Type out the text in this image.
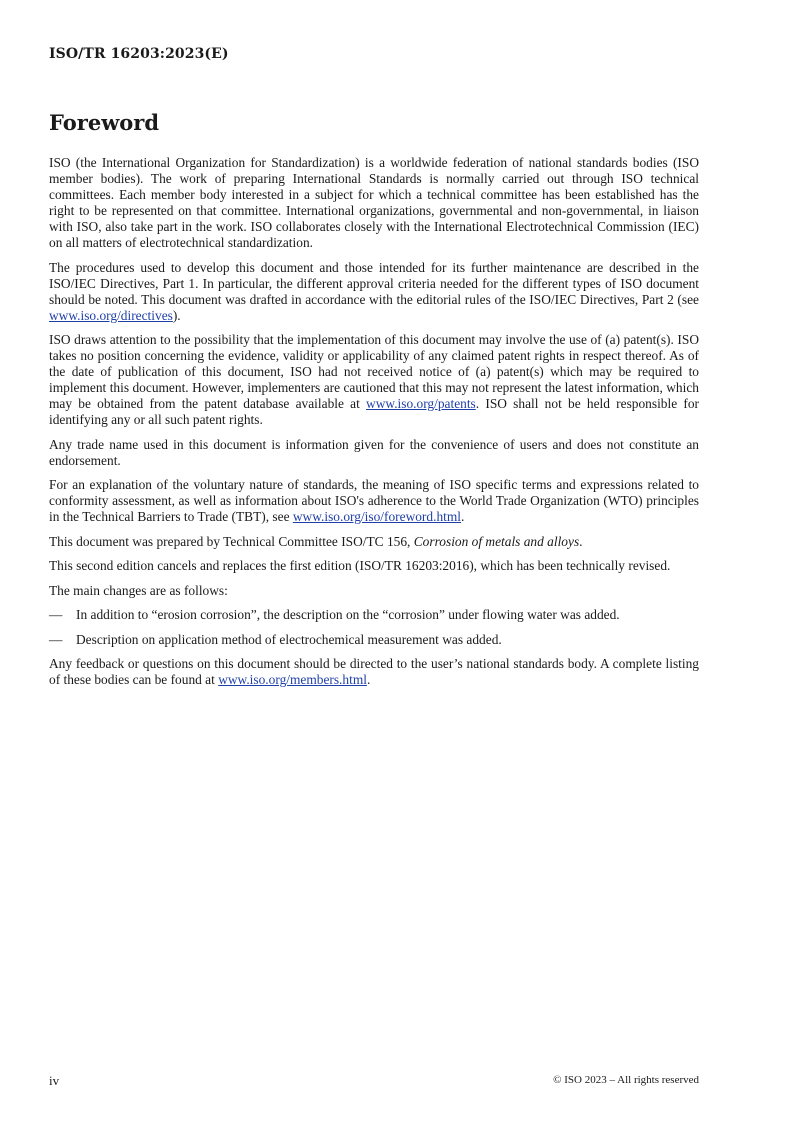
ISO/TR 16203:2023(E)
Foreword

ISO (the International Organization for Standardization) is a worldwide federation of national standards bodies (ISO member bodies). The work of preparing International Standards is normally carried out through ISO technical committees. Each member body interested in a subject for which a technical committee has been established has the right to be represented on that committee. International organizations, governmental and non-governmental, in liaison with ISO, also take part in the work. ISO collaborates closely with the International Electrotechnical Commission (IEC) on all matters of electrotechnical standardization.

The procedures used to develop this document and those intended for its further maintenance are described in the ISO/IEC Directives, Part 1. In particular, the different approval criteria needed for the different types of ISO document should be noted. This document was drafted in accordance with the editorial rules of the ISO/IEC Directives, Part 2 (see www.iso.org/directives).

ISO draws attention to the possibility that the implementation of this document may involve the use of (a) patent(s). ISO takes no position concerning the evidence, validity or applicability of any claimed patent rights in respect thereof. As of the date of publication of this document, ISO had not received notice of (a) patent(s) which may be required to implement this document. However, implementers are cautioned that this may not represent the latest information, which may be obtained from the patent database available at www.iso.org/patents. ISO shall not be held responsible for identifying any or all such patent rights.

Any trade name used in this document is information given for the convenience of users and does not constitute an endorsement.

For an explanation of the voluntary nature of standards, the meaning of ISO specific terms and expressions related to conformity assessment, as well as information about ISO's adherence to the World Trade Organization (WTO) principles in the Technical Barriers to Trade (TBT), see www.iso.org/iso/foreword.html.

This document was prepared by Technical Committee ISO/TC 156, Corrosion of metals and alloys.

This second edition cancels and replaces the first edition (ISO/TR 16203:2016), which has been technically revised.

The main changes are as follows:

—	In addition to “erosion corrosion”, the description on the “corrosion” under flowing water was added.
—	Description on application method of electrochemical measurement was added.

Any feedback or questions on this document should be directed to the user’s national standards body. A complete listing of these bodies can be found at www.iso.org/members.html.

iv	© ISO 2023 – All rights reserved
